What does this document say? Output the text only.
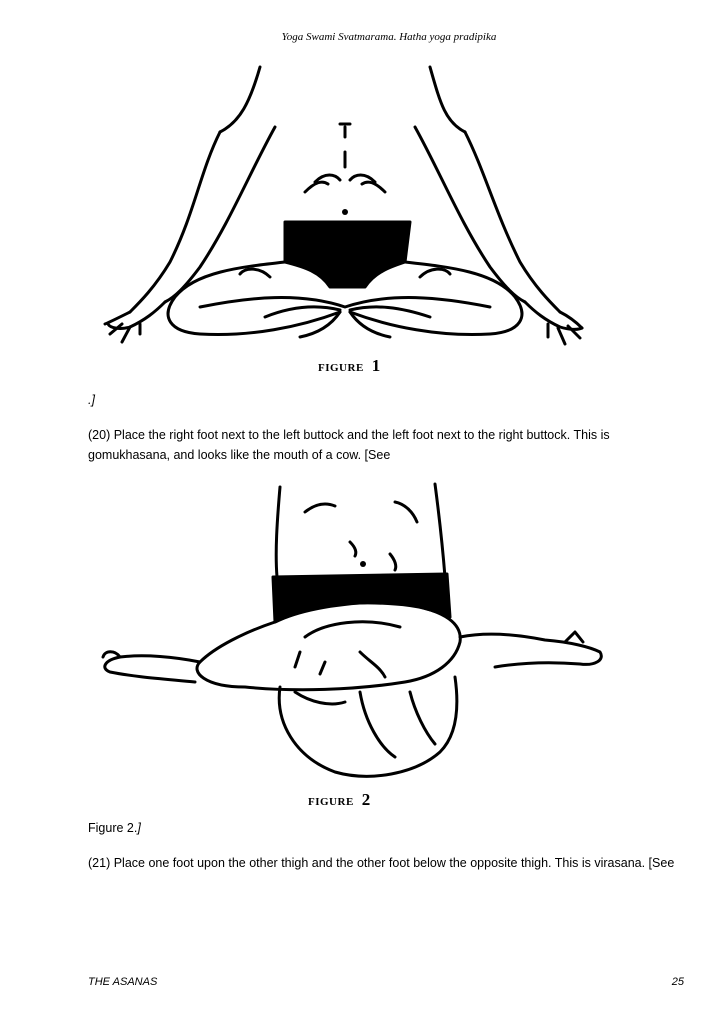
Yoga Swami Svatmarama. Hatha yoga pradipika
FIGURE 1
.]
(20) Place the right foot next to the left buttock and the left foot next to the right buttock. This is gomukhasana, and looks like the mouth of a cow. [See
FIGURE 2
Figure 2.]
(21) Place one foot upon the other thigh and the other foot below the opposite thigh. This is virasana. [See
THE ASANAS	25
